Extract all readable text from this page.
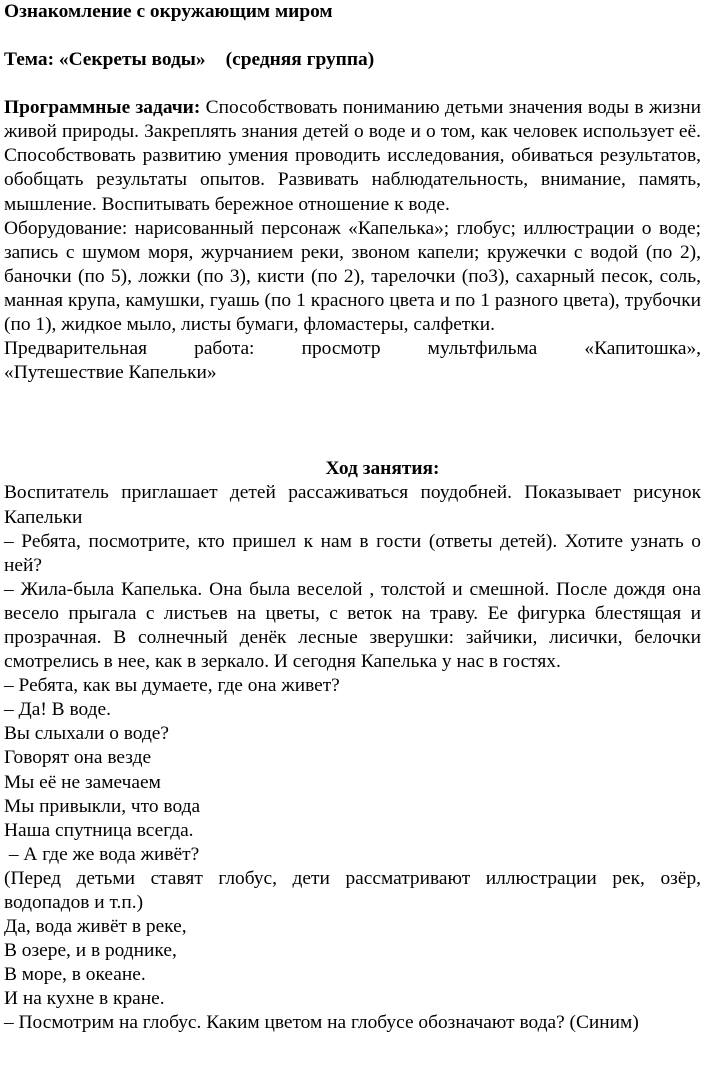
Ознакомление с окружающим миром

Тема: «Секреты воды» (средняя группа)

Программные задачи: Способствовать пониманию детьми значения воды в жизни живой природы. Закреплять знания детей о воде и о том, как человек использует её. Способствовать развитию умения проводить исследования, обиваться результатов, обобщать результаты опытов. Развивать наблюдательность, внимание, память, мышление. Воспитывать бережное отношение к воде.

Оборудование: нарисованный персонаж «Капелька»; глобус; иллюстрации о воде; запись с шумом моря, журчанием реки, звоном капели; кружечки с водой (по 2), баночки (по 5), ложки (по 3), кисти (по 2), тарелочки (по3), сахарный песок, соль, манная крупа, камушки, гуашь (по 1 красного цвета и по 1 разного цвета), трубочки (по 1), жидкое мыло, листы бумаги, фломастеры, салфетки.

Предварительная работа: просмотр мультфильма «Капитошка»,

«Путешествие Капельки»

Ход занятия:

Воспитатель приглашает детей рассаживаться поудобней. Показывает рисунок Капельки

– Ребята, посмотрите, кто пришел к нам в гости (ответы детей). Хотите узнать о ней?

– Жила-была Капелька. Она была веселой , толстой и смешной. После дождя она весело прыгала с листьев на цветы, с веток на траву. Ее фигурка блестящая и прозрачная. В солнечный денёк лесные зверушки: зайчики, лисички, белочки смотрелись в нее, как в зеркало. И сегодня Капелька у нас в гостях.

– Ребята, как вы думаете, где она живет?

– Да! В воде.

Вы слыхали о воде?

Говорят она везде

Мы её не замечаем

Мы привыкли, что вода

Наша спутница всегда.

– А где же вода живёт?

(Перед детьми ставят глобус, дети рассматривают иллюстрации рек, озёр, водопадов и т.п.)

Да, вода живёт в реке,

В озере, и в роднике,

В море, в океане.

И на кухне в кране.

– Посмотрим на глобус. Каким цветом на глобусе обозначают вода? (Синим)
